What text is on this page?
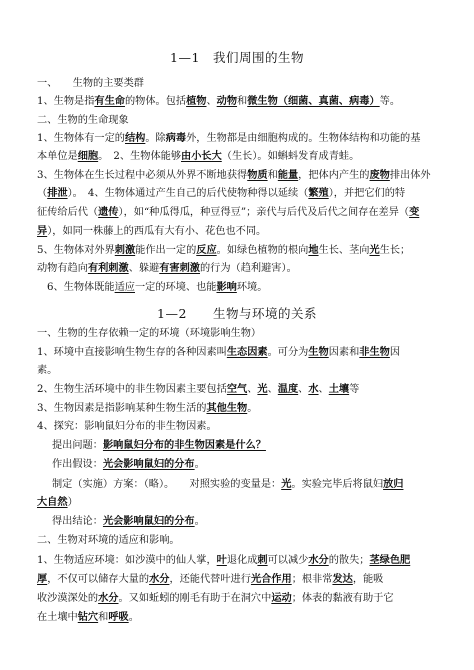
1—1　我们周围的生物
一、　　生物的主要类群
1、生物是指有生命的物体。包括植物、动物和微生物（细菌、真菌、病毒）等。
二、生物的生命现象
1、生物体有一定的结构。除病毒外，生物都是由细胞构成的。生物体结构和功能的基
本单位是细胞。　2、生物体能够由小长大（生长）。如蝌蚪发育成青蛙。
3、生物体在生长过程中必须从外界不断地获得物质和能量，把体内产生的废物排出体外
（排泄）。　4、生物体通过产生自己的后代使物种得以延续（繁殖），并把它们的特
征传给后代（遗传），如“种瓜得瓜，种豆得豆”；亲代与后代及后代之间存在差异（变
异），如同一株藤上的西瓜有大有小、花色也不同。
5、生物体对外界刺激能作出一定的反应。如绿色植物的根向地生长、茎向光生长；
动物有趋向有利刺激、躲避有害刺激的行为（趋利避害）。
6、生物体既能适应一定的环境、也能影响环境。
1—2　　生物与环境的关系
一、生物的生存依赖一定的环境（环境影响生物）
1、环境中直接影响生物生存的各种因素叫生态因素。可分为生物因素和非生物因
素。
2、生物生活环境中的非生物因素主要包括空气、光、温度、水、土壤等
3、生物因素是指影响某种生物生活的其他生物。
4、探究：影响鼠妇分布的非生物因素。
提出问题：影响鼠妇分布的非生物因素是什么？
作出假设：光会影响鼠妇的分布。
制定（实施）方案：（略）。　　对照实验的变量是：光。实验完毕后将鼠妇放归
大自然）
得出结论：光会影响鼠妇的分布。
二、生物对环境的适应和影响。
1、生物适应环境：如沙漠中的仙人掌，叶退化成刺可以减少水分的散失；茎绿色肥
厚，不仅可以储存大量的水分，还能代替叶进行光合作用；根非常发达，能吸
收沙漠深处的水分。又如蚯蚓的刚毛有助于在洞穴中运动；体表的黏液有助于它
在土壤中钻穴和呼吸。
